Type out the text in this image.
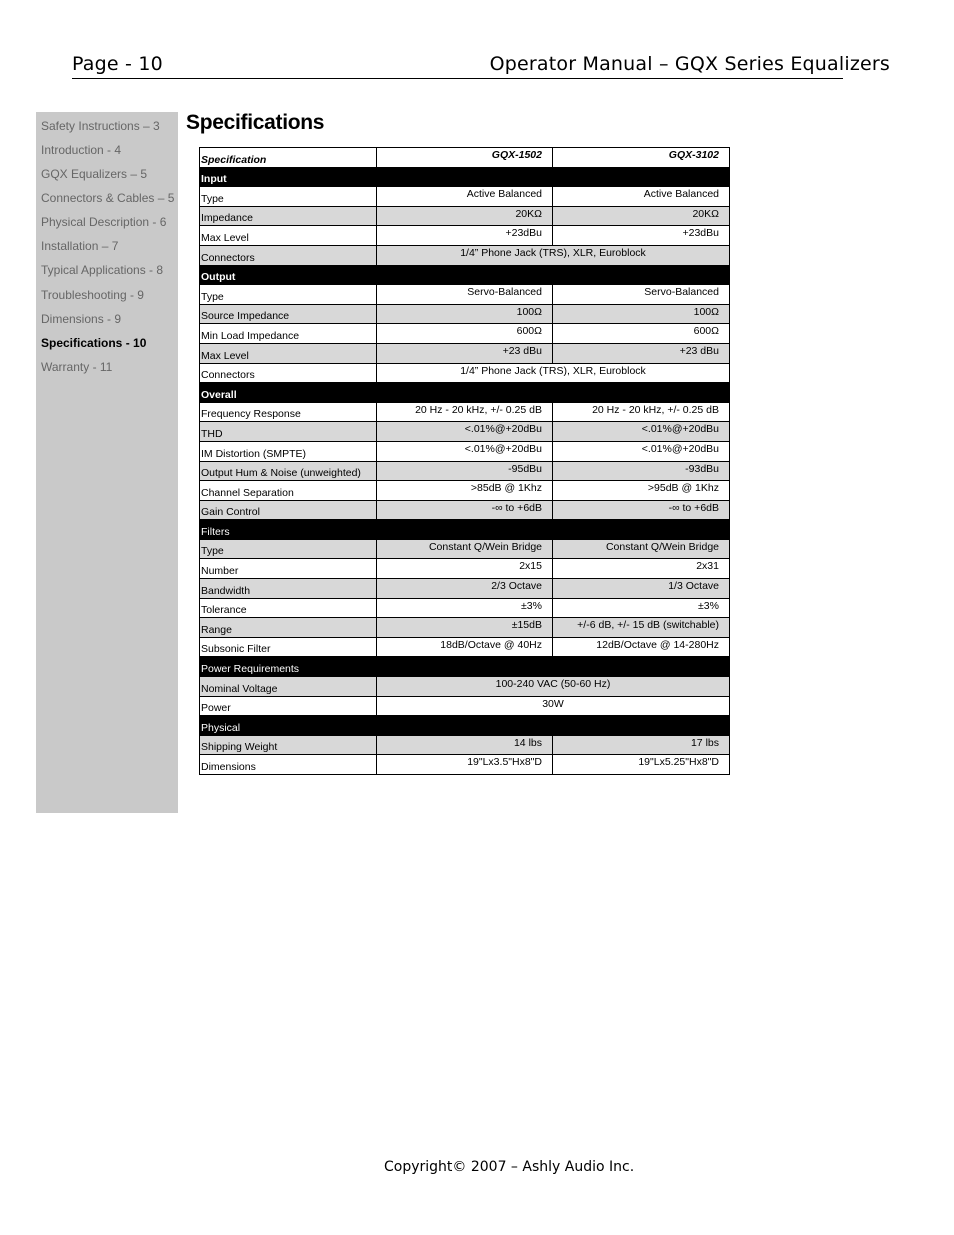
Page - 10	Operator Manual – GQX Series Equalizers
Safety Instructions – 3
Introduction - 4
GQX Equalizers – 5
Connectors & Cables – 5
Physical Description - 6
Installation – 7
Typical Applications - 8
Troubleshooting - 9
Dimensions - 9
Specifications - 10
Warranty - 11
Specifications
Specification	GQX-1502	GQX-3102
Input		
Type	Active Balanced	Active Balanced
Impedance	20KΩ	20KΩ
Max Level	+23dBu	+23dBu
Connectors	1/4” Phone Jack (TRS), XLR, Euroblock	
Output		
Type	Servo-Balanced	Servo-Balanced
Source Impedance	100Ω	100Ω
Min Load Impedance	600Ω	600Ω
Max Level	+23 dBu	+23 dBu
Connectors	1/4” Phone Jack (TRS), XLR, Euroblock	
Overall		
Frequency Response	20 Hz - 20 kHz, +/- 0.25 dB	20 Hz - 20 kHz, +/- 0.25 dB
THD	<.01%@+20dBu	<.01%@+20dBu
IM Distortion (SMPTE)	<.01%@+20dBu	<.01%@+20dBu
Output Hum & Noise (unweighted)	-95dBu	-93dBu
Channel Separation	>85dB @ 1Khz	>95dB @ 1Khz
Gain Control	-∞ to +6dB	-∞ to +6dB
Filters		
Type	Constant Q/Wein Bridge	Constant Q/Wein Bridge
Number	2x15	2x31
Bandwidth	2/3 Octave	1/3 Octave
Tolerance	±3%	±3%
Range	±15dB	+/-6 dB, +/- 15 dB (switchable)
Subsonic Filter	18dB/Octave @ 40Hz	12dB/Octave @ 14-280Hz
Power Requirements		
Nominal Voltage	100-240 VAC (50-60 Hz)	
Power	30W	
Physical		
Shipping Weight	14 lbs	17 lbs
Dimensions	19"Lx3.5"Hx8"D	19"Lx5.25"Hx8"D
Copyright© 2007 – Ashly Audio Inc.
